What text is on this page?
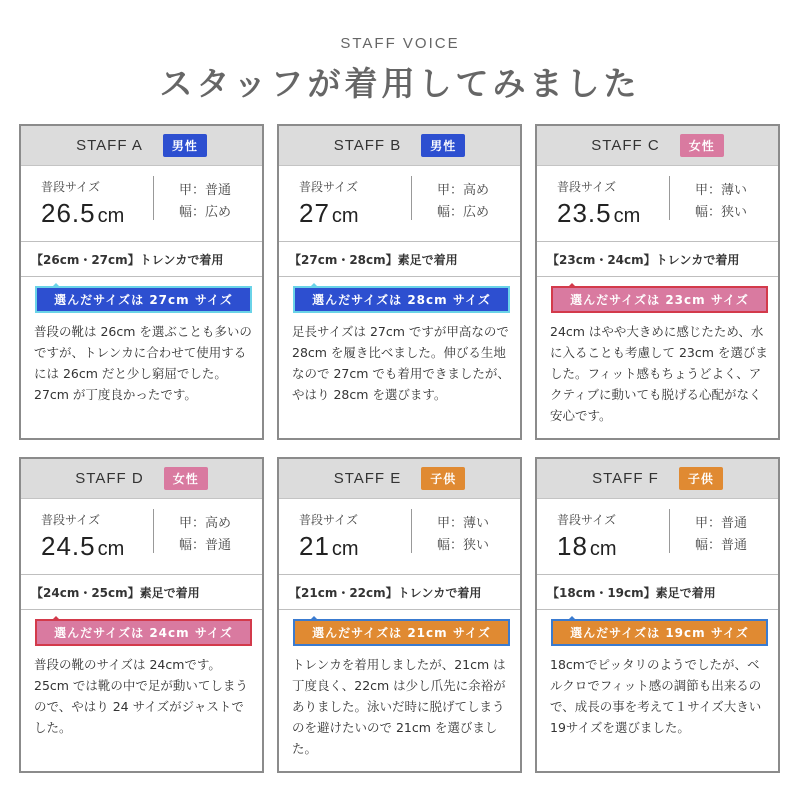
STAFF VOICE
スタッフが着用してみました
STAFF A	男性
普段サイズ
26.5 cm
甲：普通
幅：広め
【26cm・27cm】トレンカで着用
選んだサイズは 27cm サイズ
普段の靴は 26cm を選ぶことも多いのですが、トレンカに合わせて使用するには 26cm だと少し窮屈でした。27cm が丁度良かったです。
STAFF B	男性
普段サイズ
27 cm
甲：高め
幅：広め
【27cm・28cm】素足で着用
選んだサイズは 28cm サイズ
足長サイズは 27cm ですが甲高なので 28cm を履き比べました。伸びる生地なので 27cm でも着用できましたが、やはり 28cm を選びます。
STAFF C	女性
普段サイズ
23.5 cm
甲：薄い
幅：狭い
【23cm・24cm】トレンカで着用
選んだサイズは 23cm サイズ
24cm はやや大きめに感じたため、水に入ることも考慮して 23cm を選びました。フィット感もちょうどよく、アクティブに動いても脱げる心配がなく安心です。
STAFF D	女性
普段サイズ
24.5 cm
甲：高め
幅：普通
【24cm・25cm】素足で着用
選んだサイズは 24cm サイズ
普段の靴のサイズは 24cmです。25cm では靴の中で足が動いてしまうので、やはり 24 サイズがジャストでした。
STAFF E	子供
普段サイズ
21 cm
甲：薄い
幅：狭い
【21cm・22cm】トレンカで着用
選んだサイズは 21cm サイズ
トレンカを着用しましたが、21cm は丁度良く、22cm は少し爪先に余裕がありました。泳いだ時に脱げてしまうのを避けたいので 21cm を選びました。
STAFF F	子供
普段サイズ
18 cm
甲：普通
幅：普通
【18cm・19cm】素足で着用
選んだサイズは 19cm サイズ
18cmでピッタリのようでしたが、ベルクロでフィット感の調節も出来るので、成長の事を考えて１サイズ大きい19サイズを選びました。
